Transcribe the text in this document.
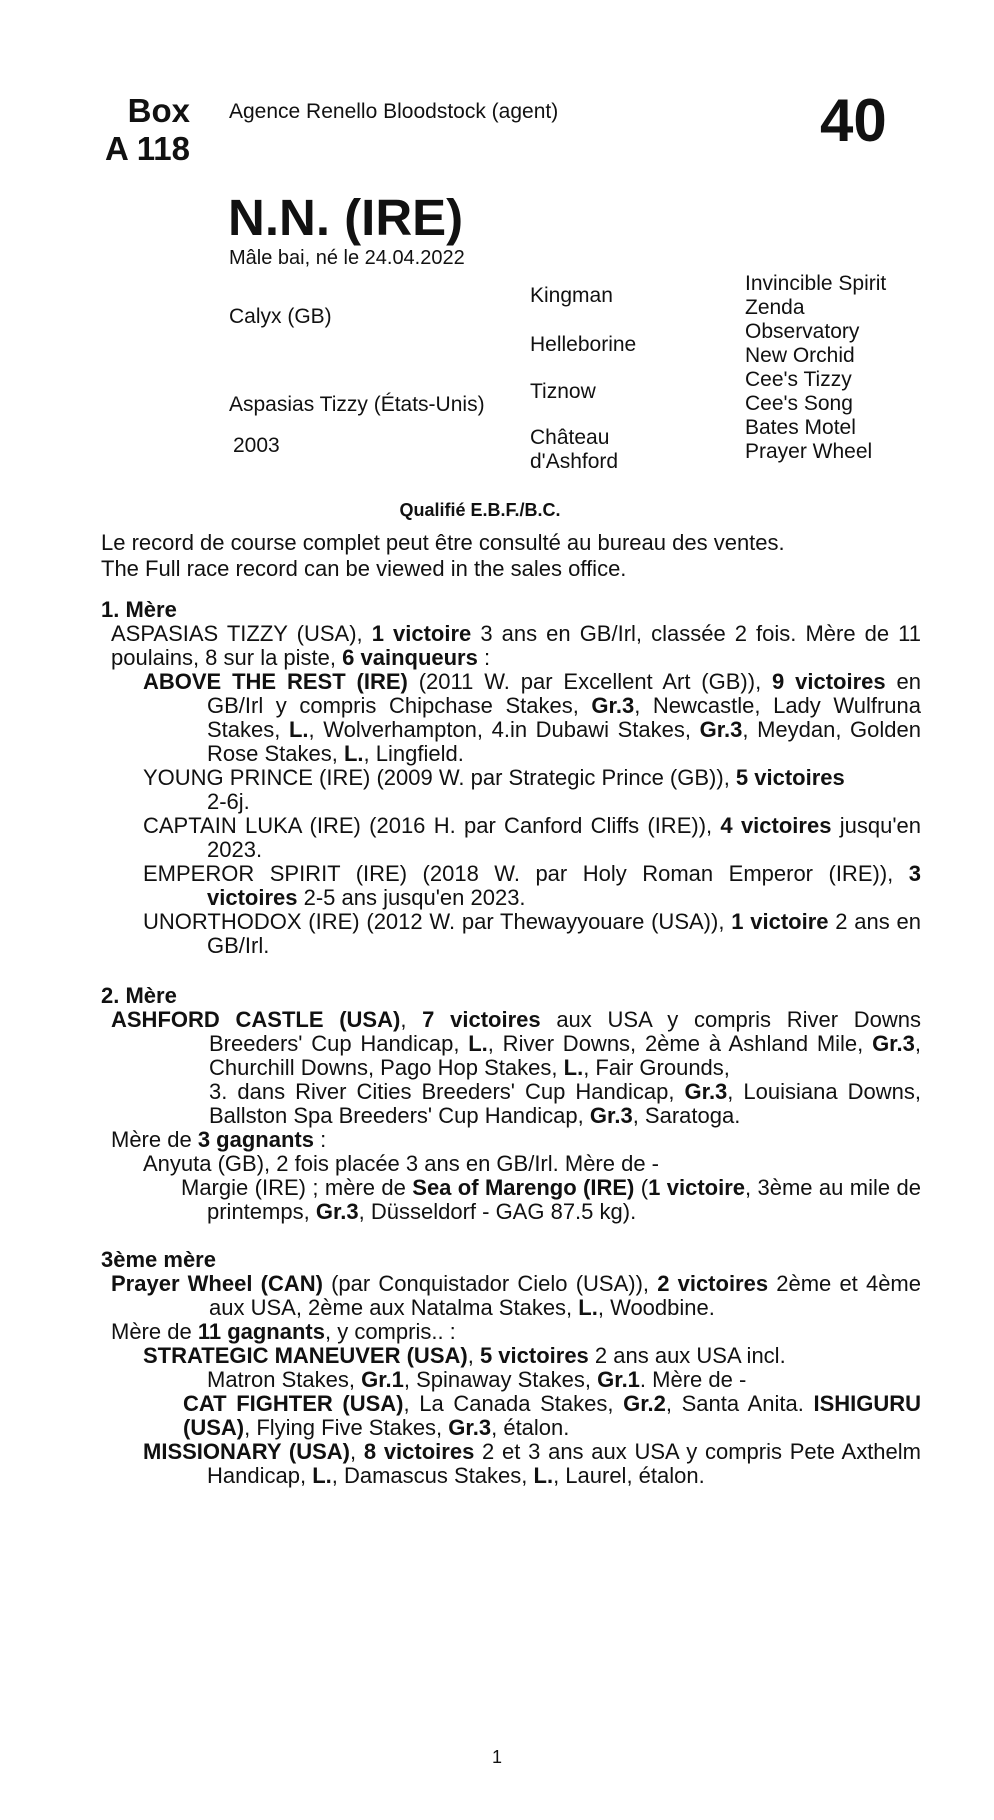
Box
A 118
Agence Renello Bloodstock (agent)	40
N.N. (IRE)
Mâle bai, né le 24.04.2022
Calyx (GB)
Aspasias Tizzy (États-Unis)
2003
Kingman
Helleborine
Tiznow
Château d'Ashford
Invincible Spirit
Zenda
Observatory
New Orchid
Cee's Tizzy
Cee's Song
Bates Motel
Prayer Wheel
Qualifié E.B.F./B.C.
Le record de course complet peut être consulté au bureau des ventes.
The Full race record can be viewed in the sales office.
1. Mère

ASPASIAS TIZZY (USA), 1 victoire 3 ans en GB/Irl, classée 2 fois. Mère de 11 poulains, 8 sur la piste, 6 vainqueurs :

ABOVE THE REST (IRE) (2011 W. par Excellent Art (GB)), 9 victoires en GB/Irl y compris Chipchase Stakes, Gr.3, Newcastle, Lady Wulfruna Stakes, L., Wolverhampton, 4.in Dubawi Stakes, Gr.3, Meydan, Golden Rose Stakes, L., Lingfield.

YOUNG PRINCE (IRE) (2009 W. par Strategic Prince (GB)), 5 victoires

2-6j.

CAPTAIN LUKA (IRE) (2016 H. par Canford Cliffs (IRE)), 4 victoires jusqu'en 2023.

EMPEROR SPIRIT (IRE) (2018 W. par Holy Roman Emperor (IRE)), 3 victoires 2-5 ans jusqu'en 2023.

UNORTHODOX (IRE) (2012 W. par Thewayyouare (USA)), 1 victoire 2 ans en GB/Irl.

2. Mère

ASHFORD CASTLE (USA), 7 victoires aux USA y compris River Downs Breeders' Cup Handicap, L., River Downs, 2ème à Ashland Mile, Gr.3, Churchill Downs, Pago Hop Stakes, L., Fair Grounds,

3. dans River Cities Breeders' Cup Handicap, Gr.3, Louisiana Downs, Ballston Spa Breeders' Cup Handicap, Gr.3, Saratoga.

Mère de 3 gagnants :

Anyuta (GB), 2 fois placée 3 ans en GB/Irl. Mère de -

Margie (IRE) ; mère de Sea of Marengo (IRE) (1 victoire, 3ème au mile de printemps, Gr.3, Düsseldorf - GAG 87.5 kg).

3ème mère

Prayer Wheel (CAN) (par Conquistador Cielo (USA)), 2 victoires 2ème et 4ème aux USA, 2ème aux Natalma Stakes, L., Woodbine.

Mère de 11 gagnants, y compris.. :

STRATEGIC MANEUVER (USA), 5 victoires 2 ans aux USA incl.

Matron Stakes, Gr.1, Spinaway Stakes, Gr.1. Mère de -

CAT FIGHTER (USA), La Canada Stakes, Gr.2, Santa Anita. ISHIGURU (USA), Flying Five Stakes, Gr.3, étalon.

MISSIONARY (USA), 8 victoires 2 et 3 ans aux USA y compris Pete Axthelm Handicap, L., Damascus Stakes, L., Laurel, étalon.

1
